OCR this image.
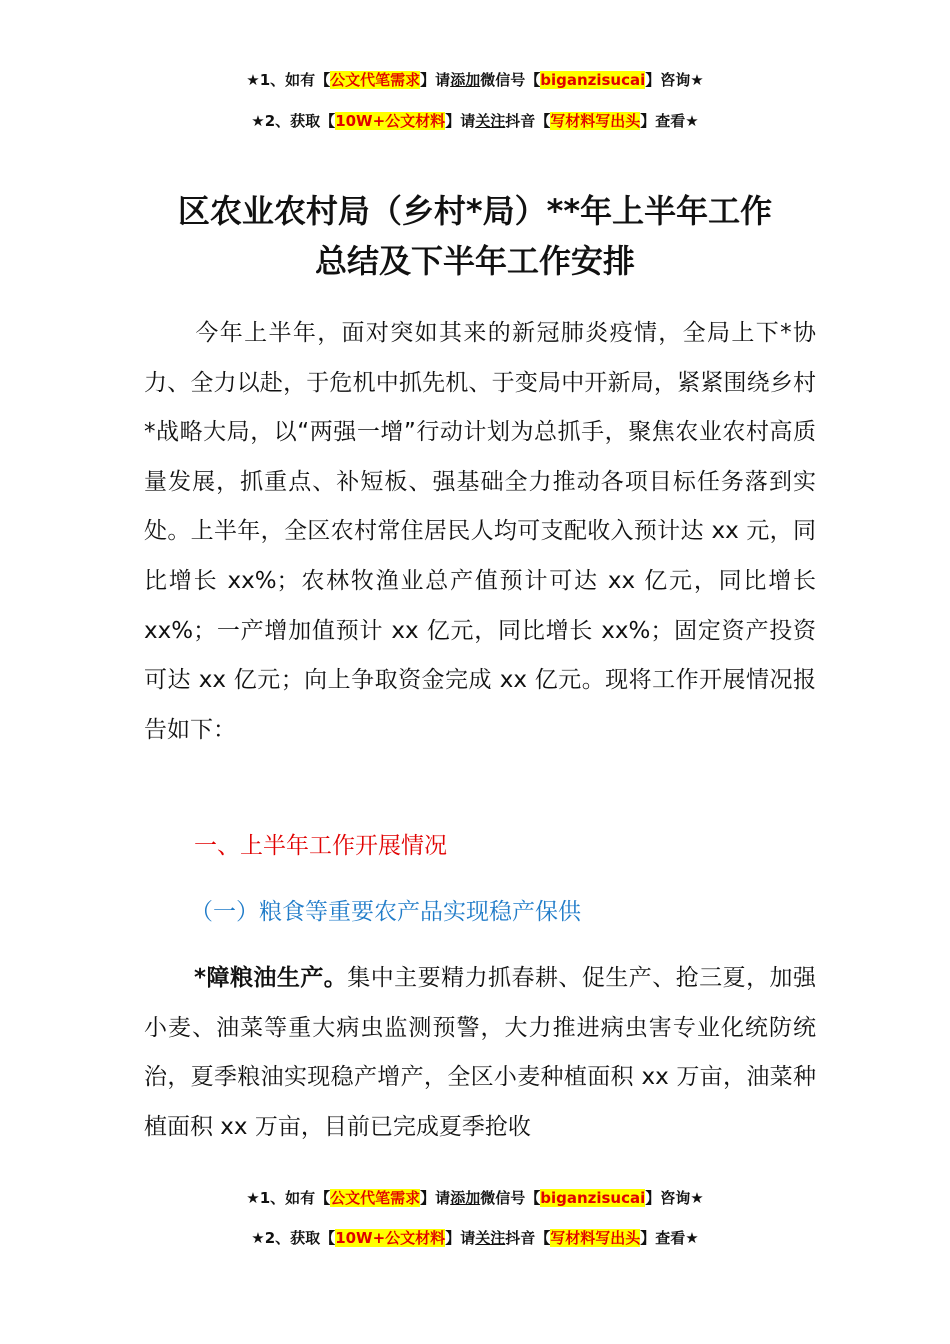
★1、如有【公文代笔需求】请添加微信号【biganzisucai】咨询★
★2、获取【10W+公文材料】请关注抖音【写材料写出头】查看★
区农业农村局（乡村*局）**年上半年工作
总结及下半年工作安排

今年上半年，面对突如其来的新冠肺炎疫情，全局上下*协力、全力以赴，于危机中抓先机、于变局中开新局，紧紧围绕乡村*战略大局，以“两强一增”行动计划为总抓手，聚焦农业农村高质量发展，抓重点、补短板、强基础全力推动各项目标任务落到实处。上半年，全区农村常住居民人均可支配收入预计达 xx 元，同比增长 xx%；农林牧渔业总产值预计可达 xx 亿元，同比增长 xx%；一产增加值预计 xx 亿元，同比增长 xx%；固定资产投资可达 xx 亿元；向上争取资金完成 xx 亿元。现将工作开展情况报告如下：

一、上半年工作开展情况
（一）粮食等重要农产品实现稳产保供

*障粮油生产。集中主要精力抓春耕、促生产、抢三夏，加强小麦、油菜等重大病虫监测预警，大力推进病虫害专业化统防统治，夏季粮油实现稳产增产，全区小麦种植面积 xx 万亩，油菜种植面积 xx 万亩，目前已完成夏季抢收

★1、如有【公文代笔需求】请添加微信号【biganzisucai】咨询★
★2、获取【10W+公文材料】请关注抖音【写材料写出头】查看★
